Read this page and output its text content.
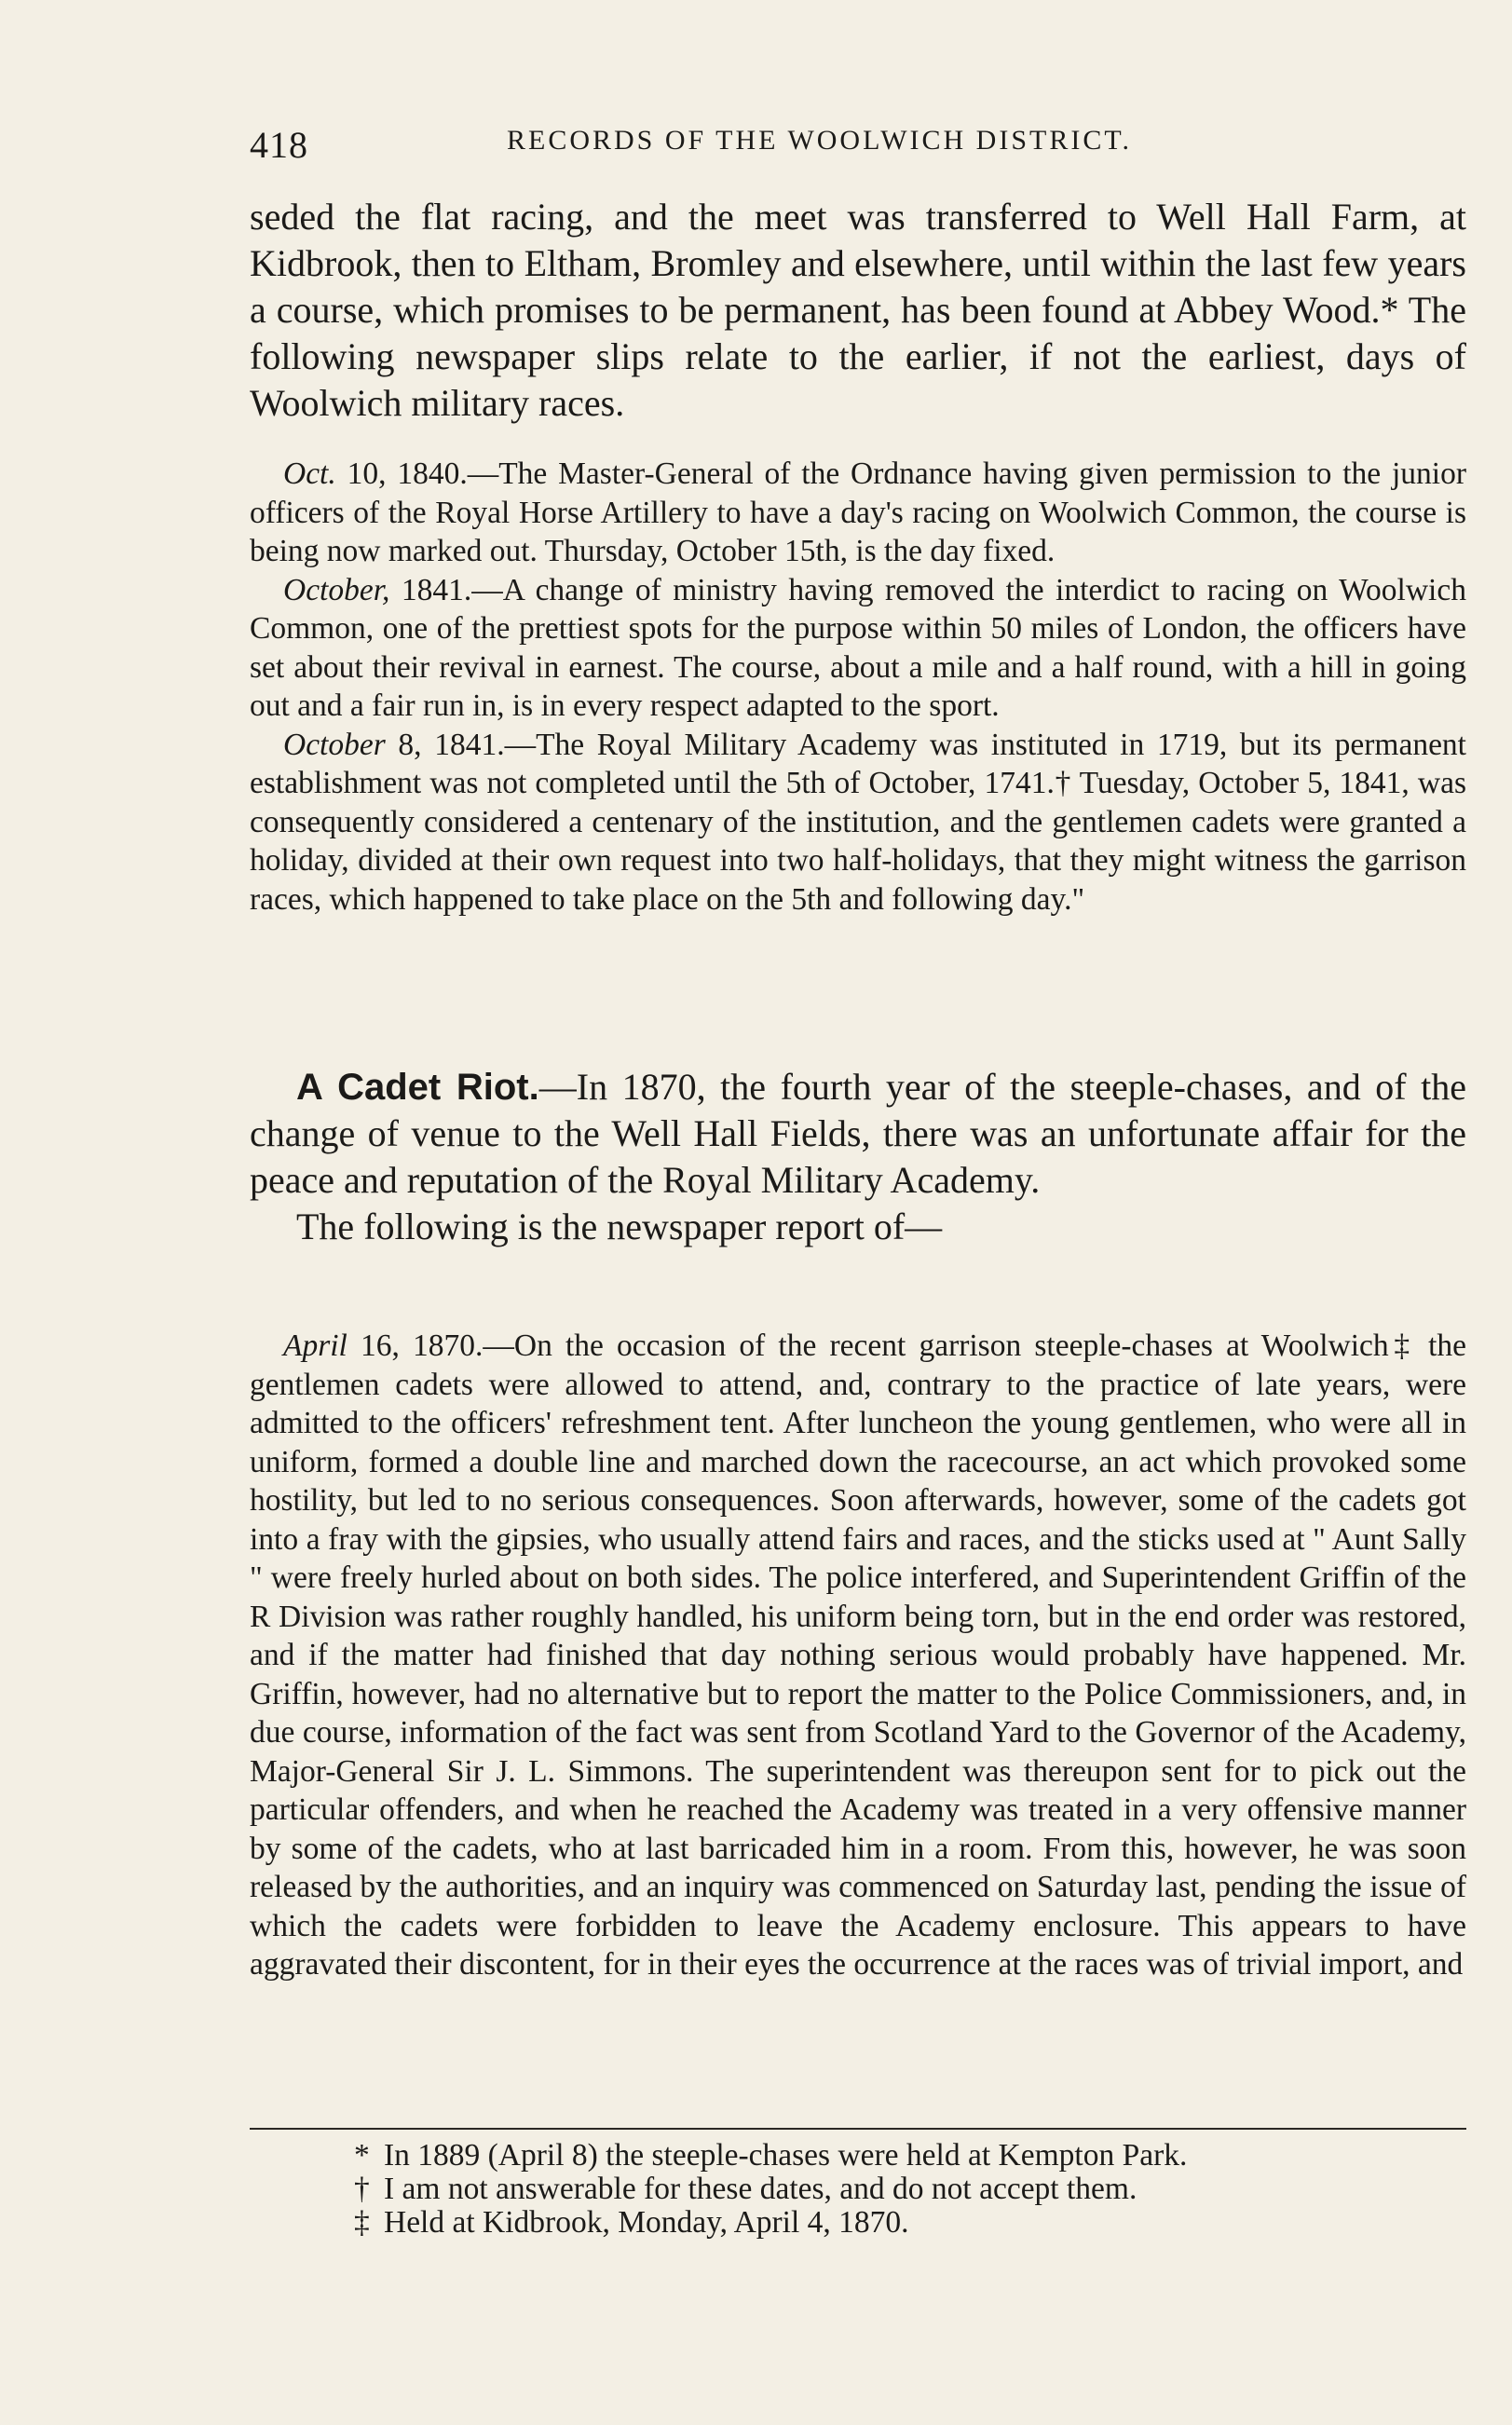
418	RECORDS OF THE WOOLWICH DISTRICT.

seded the flat racing, and the meet was transferred to Well Hall Farm, at Kidbrook, then to Eltham, Bromley and elsewhere, until within the last few years a course, which promises to be permanent, has been found at Abbey Wood.* The following newspaper slips relate to the earlier, if not the earliest, days of Woolwich military races.

Oct. 10, 1840.—The Master-General of the Ordnance having given permission to the junior officers of the Royal Horse Artillery to have a day's racing on Woolwich Common, the course is being now marked out. Thursday, October 15th, is the day fixed.

October, 1841.—A change of ministry having removed the interdict to racing on Woolwich Common, one of the prettiest spots for the purpose within 50 miles of London, the officers have set about their revival in earnest. The course, about a mile and a half round, with a hill in going out and a fair run in, is in every respect adapted to the sport.

October 8, 1841.—The Royal Military Academy was instituted in 1719, but its permanent establishment was not completed until the 5th of October, 1741.† Tuesday, October 5, 1841, was consequently considered a centenary of the institution, and the gentlemen cadets were granted a holiday, divided at their own request into two half-holidays, that they might witness the garrison races, which happened to take place on the 5th and following day."

A Cadet Riot.—In 1870, the fourth year of the steeple-chases, and of the change of venue to the Well Hall Fields, there was an unfortunate affair for the peace and reputation of the Royal Military Academy.

The following is the newspaper report of—

April 16, 1870.—On the occasion of the recent garrison steeple-chases at Woolwich‡ the gentlemen cadets were allowed to attend, and, contrary to the practice of late years, were admitted to the officers' refreshment tent. After luncheon the young gentlemen, who were all in uniform, formed a double line and marched down the racecourse, an act which provoked some hostility, but led to no serious consequences. Soon afterwards, however, some of the cadets got into a fray with the gipsies, who usually attend fairs and races, and the sticks used at " Aunt Sally " were freely hurled about on both sides. The police interfered, and Superintendent Griffin of the R Division was rather roughly handled, his uniform being torn, but in the end order was restored, and if the matter had finished that day nothing serious would probably have happened. Mr. Griffin, however, had no alternative but to report the matter to the Police Commissioners, and, in due course, information of the fact was sent from Scotland Yard to the Governor of the Academy, Major-General Sir J. L. Simmons. The superintendent was thereupon sent for to pick out the particular offenders, and when he reached the Academy was treated in a very offensive manner by some of the cadets, who at last barricaded him in a room. From this, however, he was soon released by the authorities, and an inquiry was commenced on Saturday last, pending the issue of which the cadets were forbidden to leave the Academy enclosure. This appears to have aggravated their discontent, for in their eyes the occurrence at the races was of trivial import, and

* In 1889 (April 8) the steeple-chases were held at Kempton Park.
† I am not answerable for these dates, and do not accept them.
‡ Held at Kidbrook, Monday, April 4, 1870.
